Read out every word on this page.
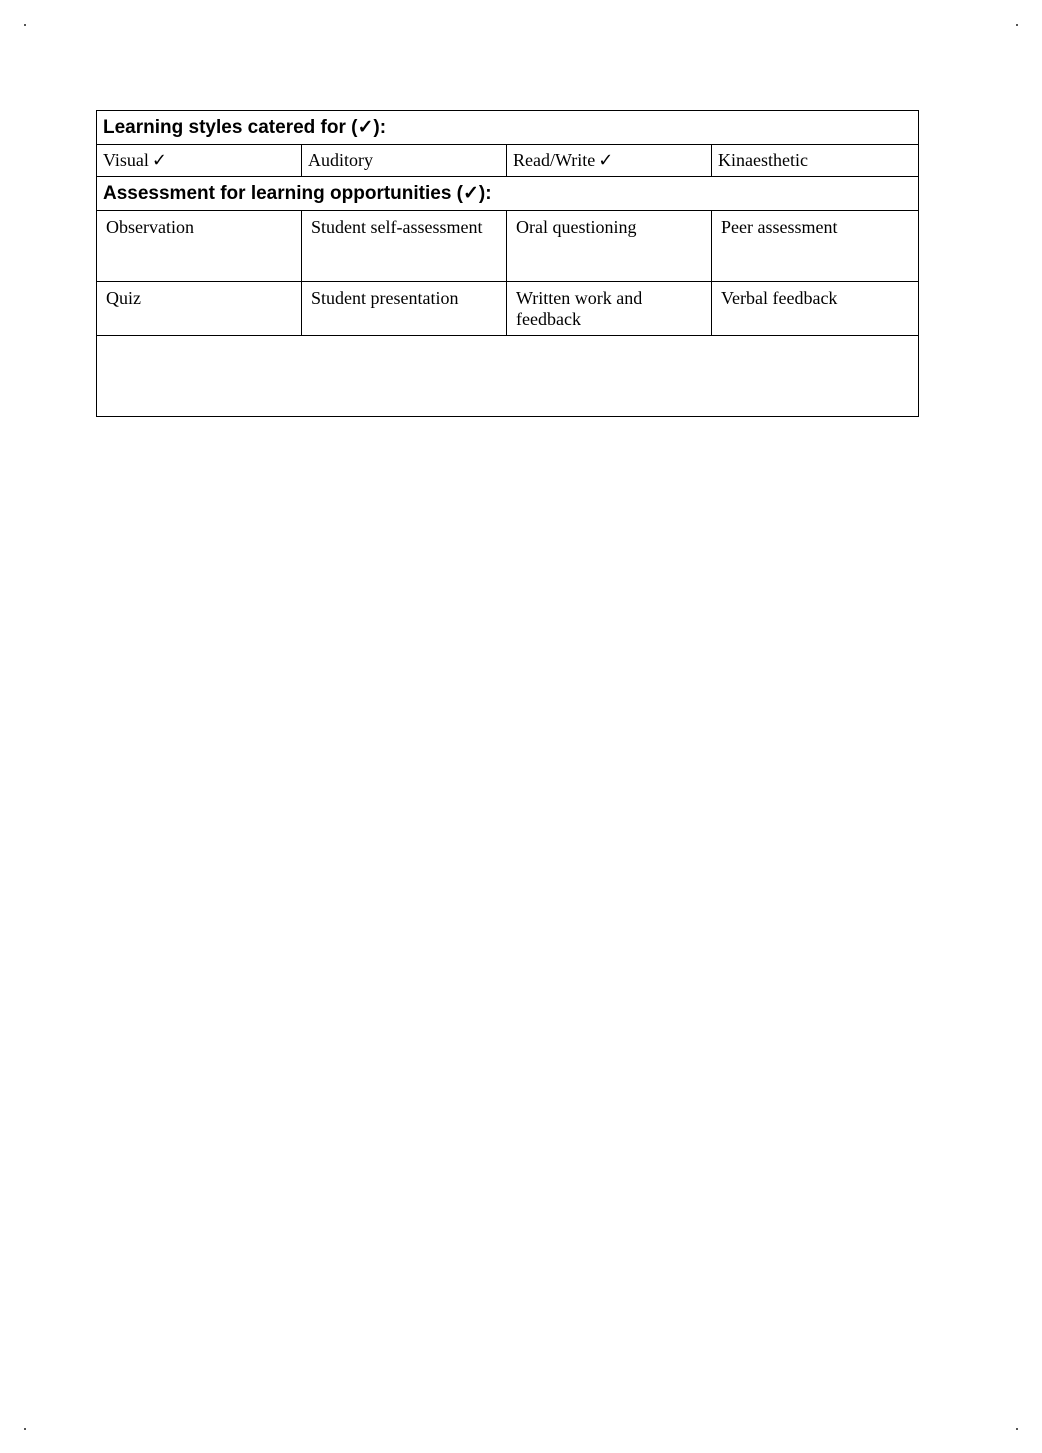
Learning styles catered for (✓):			
Visual ✓	Auditory	Read/Write ✓	Kinaesthetic
Assessment for learning opportunities (✓):			
Observation	Student self-assessment	Oral questioning	Peer assessment
Quiz	Student presentation	Written work and feedback	Verbal feedback
